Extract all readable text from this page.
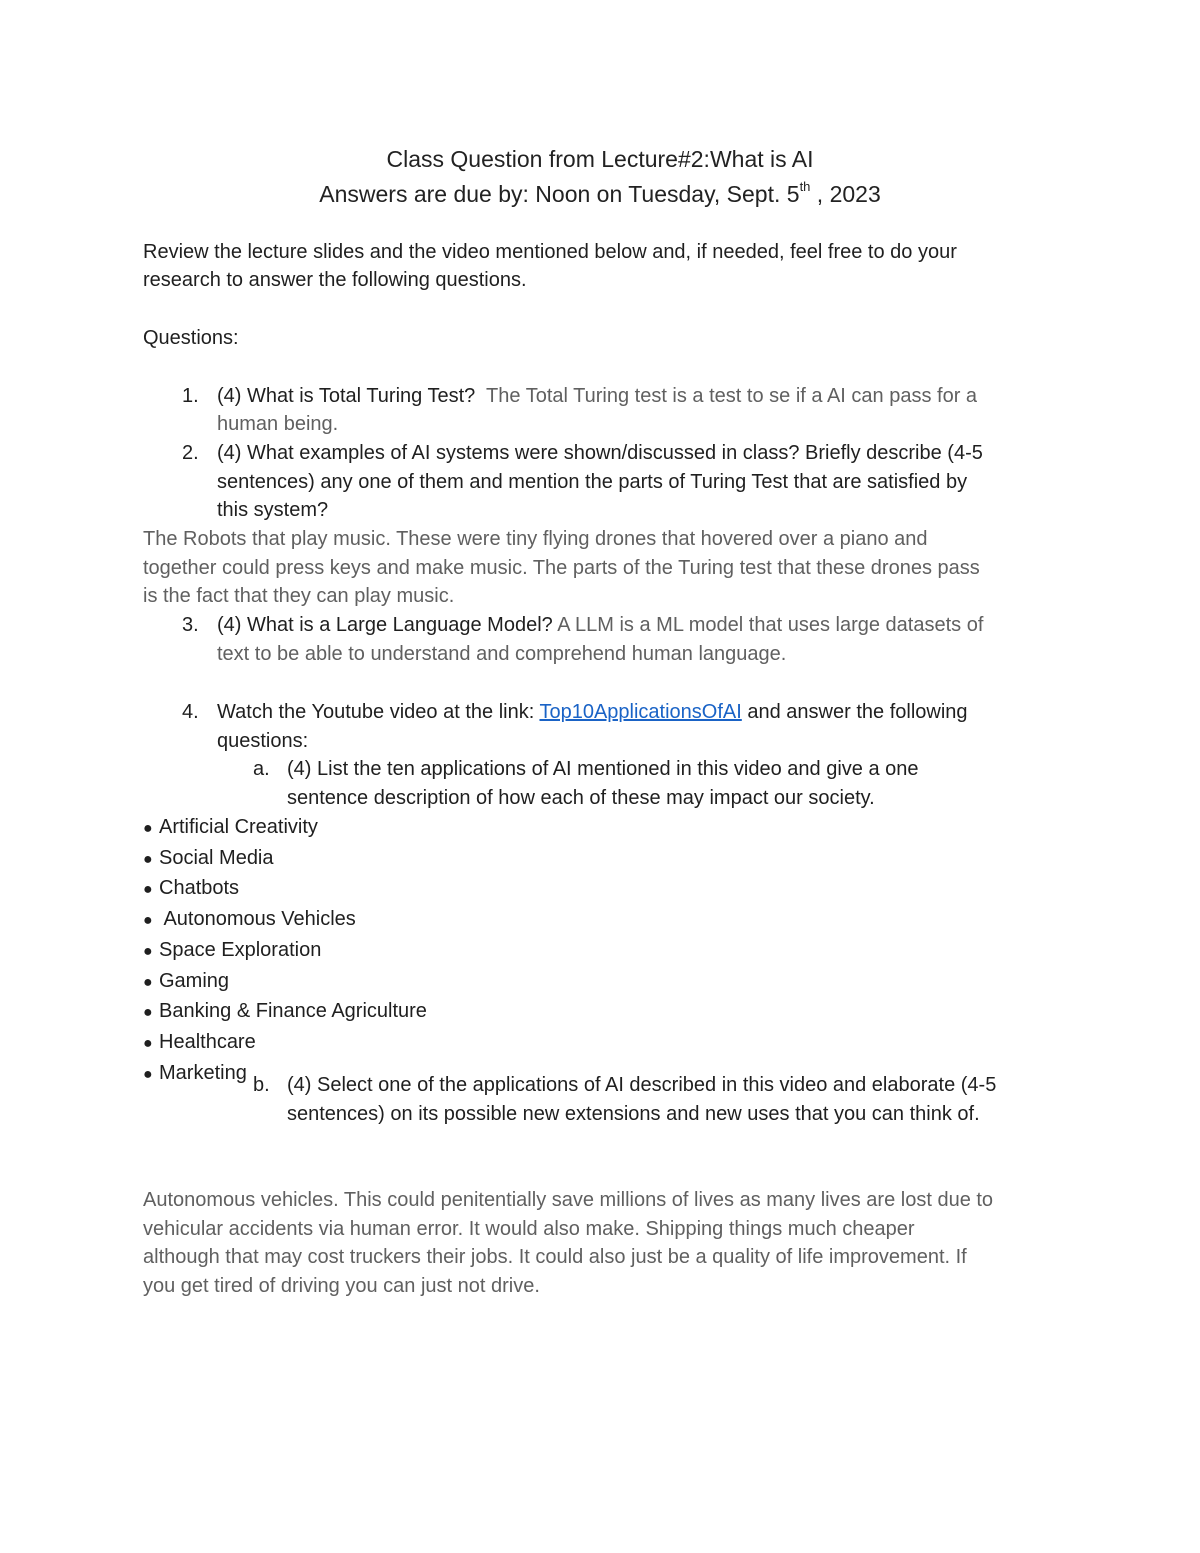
Class Question from Lecture#2:What is AI
Answers are due by: Noon on Tuesday, Sept. 5th , 2023
Review the lecture slides and the video mentioned below and, if needed, feel free to do your
research to answer the following questions.
Questions:
1. (4) What is Total Turing Test? The Total Turing test is a test to se if a AI can pass for a
human being.
2. (4) What examples of AI systems were shown/discussed in class? Briefly describe (4-5
sentences) any one of them and mention the parts of Turing Test that are satisfied by
this system?
The Robots that play music. These were tiny flying drones that hovered over a piano and
together could press keys and make music. The parts of the Turing test that these drones pass
is the fact that they can play music.
3. (4) What is a Large Language Model? A LLM is a ML model that uses large datasets of
text to be able to understand and comprehend human language.
4. Watch the Youtube video at the link: Top10ApplicationsOfAI and answer the following
questions:
a. (4) List the ten applications of AI mentioned in this video and give a one
sentence description of how each of these may impact our society.
● Artificial Creativity
● Social Media
● Chatbots
● Autonomous Vehicles
● Space Exploration
● Gaming
● Banking & Finance Agriculture
● Healthcare
● Marketing
b. (4) Select one of the applications of AI described in this video and elaborate (4-5
sentences) on its possible new extensions and new uses that you can think of.
Autonomous vehicles. This could penitentially save millions of lives as many lives are lost due to
vehicular accidents via human error. It would also make. Shipping things much cheaper
although that may cost truckers their jobs. It could also just be a quality of life improvement. If
you get tired of driving you can just not drive.
